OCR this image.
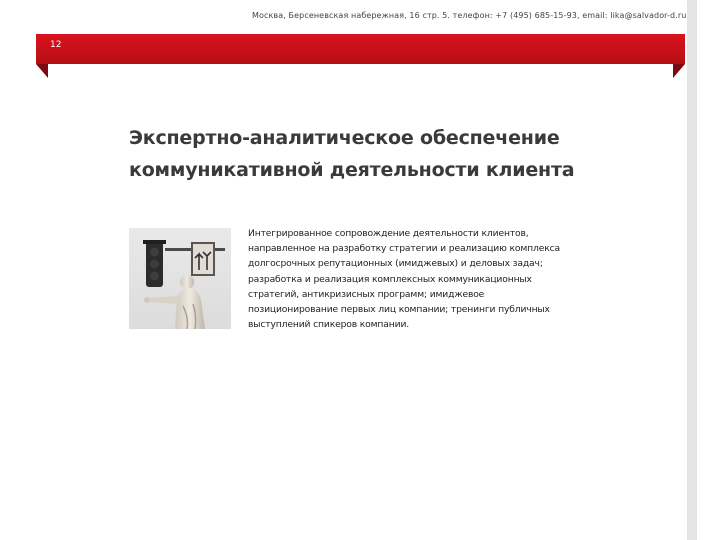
Москва, Берсеневская набережная, 16 стр. 5. телефон: +7 (495) 685-15-93, email: lika@salvador-d.ru
12
Экспертно-аналитическое обеспечение
коммуникативной деятельности клиента
Интегрированное сопровождение деятельности клиентов,
направленное на разработку стратегии и реализацию комплекса
долгосрочных репутационных (имиджевых) и деловых задач;
разработка и реализация комплексных коммуникационных
стратегий, антикризисных программ; имиджевое
позиционирование первых лиц компании; тренинги публичных
выступлений спикеров компании.
